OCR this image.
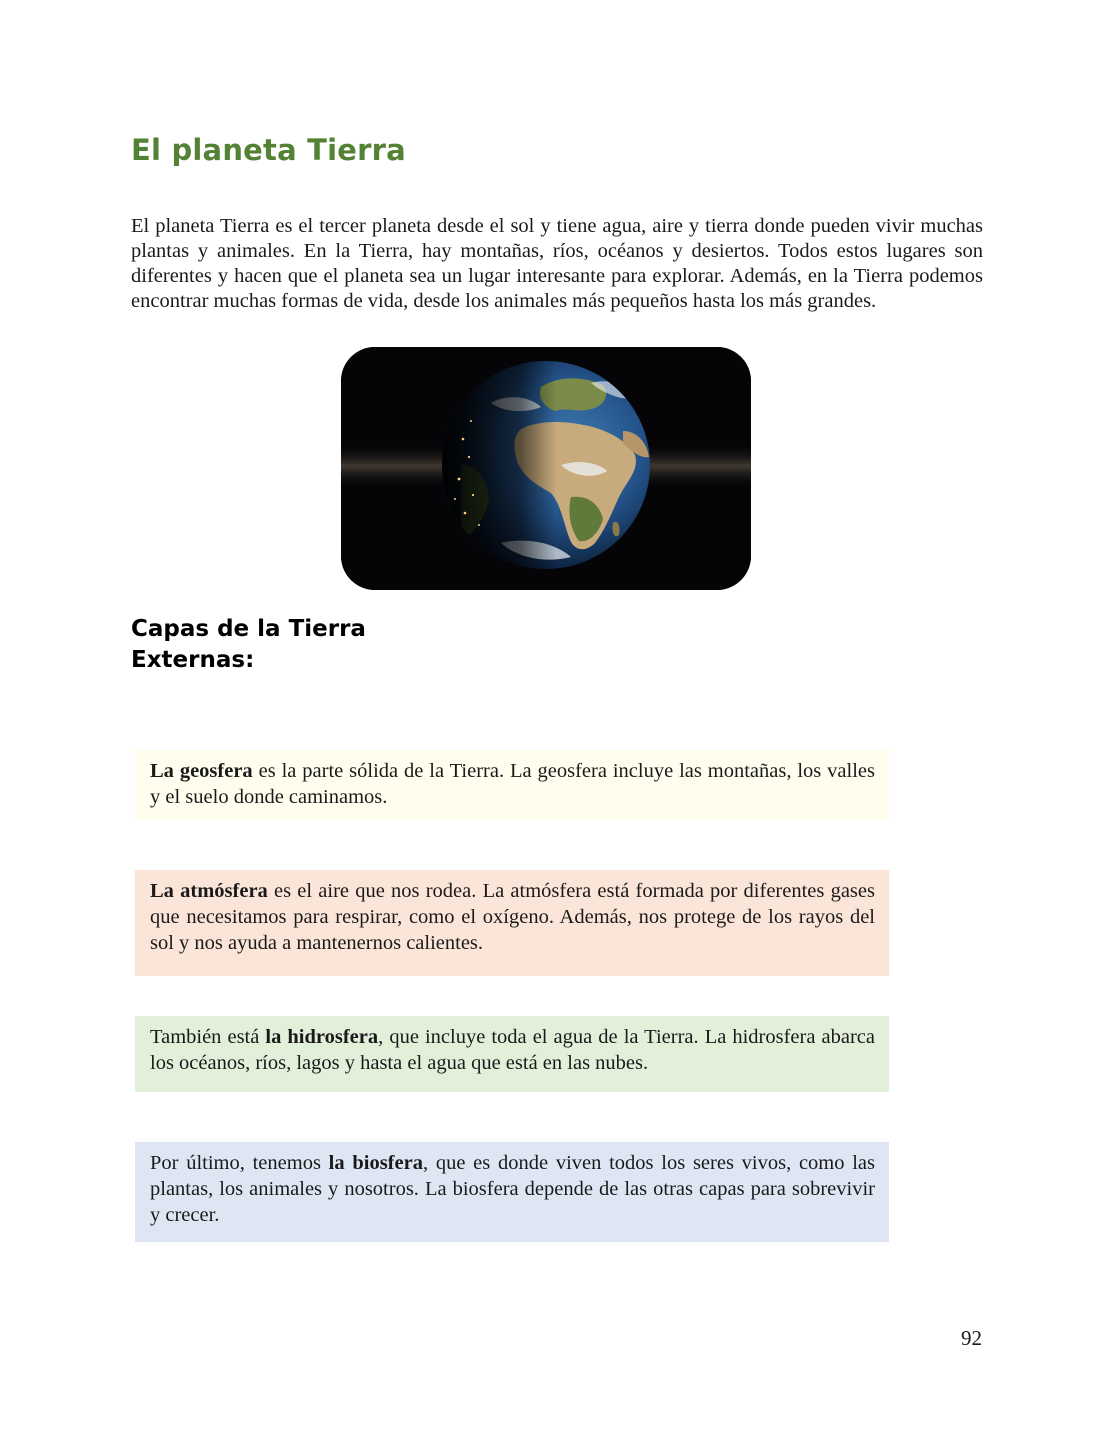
El planeta Tierra

El planeta Tierra es el tercer planeta desde el sol y tiene agua, aire y tierra donde pueden vivir muchas plantas y animales. En la Tierra, hay montañas, ríos, océanos y desiertos. Todos estos lugares son diferentes y hacen que el planeta sea un lugar interesante para explorar. Además, en la Tierra podemos encontrar muchas formas de vida, desde los animales más pequeños hasta los más grandes.

Capas de la Tierra
Externas:
La geosfera es la parte sólida de la Tierra. La geosfera incluye las montañas, los valles y el suelo donde caminamos.
La atmósfera es el aire que nos rodea. La atmósfera está formada por diferentes gases que necesitamos para respirar, como el oxígeno. Además, nos protege de los rayos del sol y nos ayuda a mantenernos calientes.
También está la hidrosfera, que incluye toda el agua de la Tierra. La hidrosfera abarca los océanos, ríos, lagos y hasta el agua que está en las nubes.
Por último, tenemos la biosfera, que es donde viven todos los seres vivos, como las plantas, los animales y nosotros. La biosfera depende de las otras capas para sobrevivir y crecer.
92
